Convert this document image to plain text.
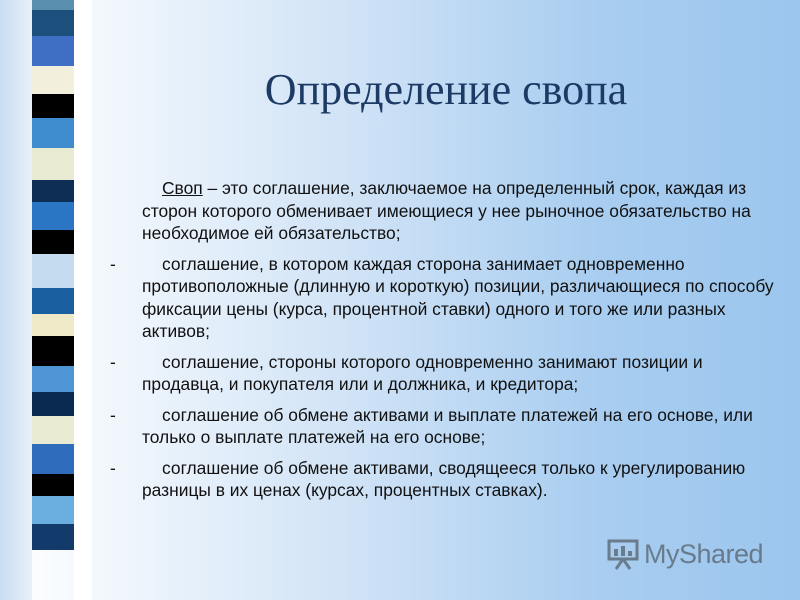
Определение свопа
Своп – это соглашение, заключаемое на определенный срок, каждая из сторон которого обменивает имеющиеся у нее рыночное обязательство на необходимое ей обязательство;
-	соглашение, в котором каждая сторона занимает одновременно противоположные (длинную и короткую) позиции, различающиеся по способу фиксации цены (курса, процентной ставки) одного и того же или разных активов;
-	соглашение, стороны которого одновременно занимают позиции и продавца, и покупателя или и должника, и кредитора;
-	соглашение об обмене активами и выплате платежей на его основе, или только о выплате платежей на его основе;
-	соглашение об обмене активами, сводящееся только к урегулированию разницы в их ценах (курсах, процентных ставках).
MyShared
